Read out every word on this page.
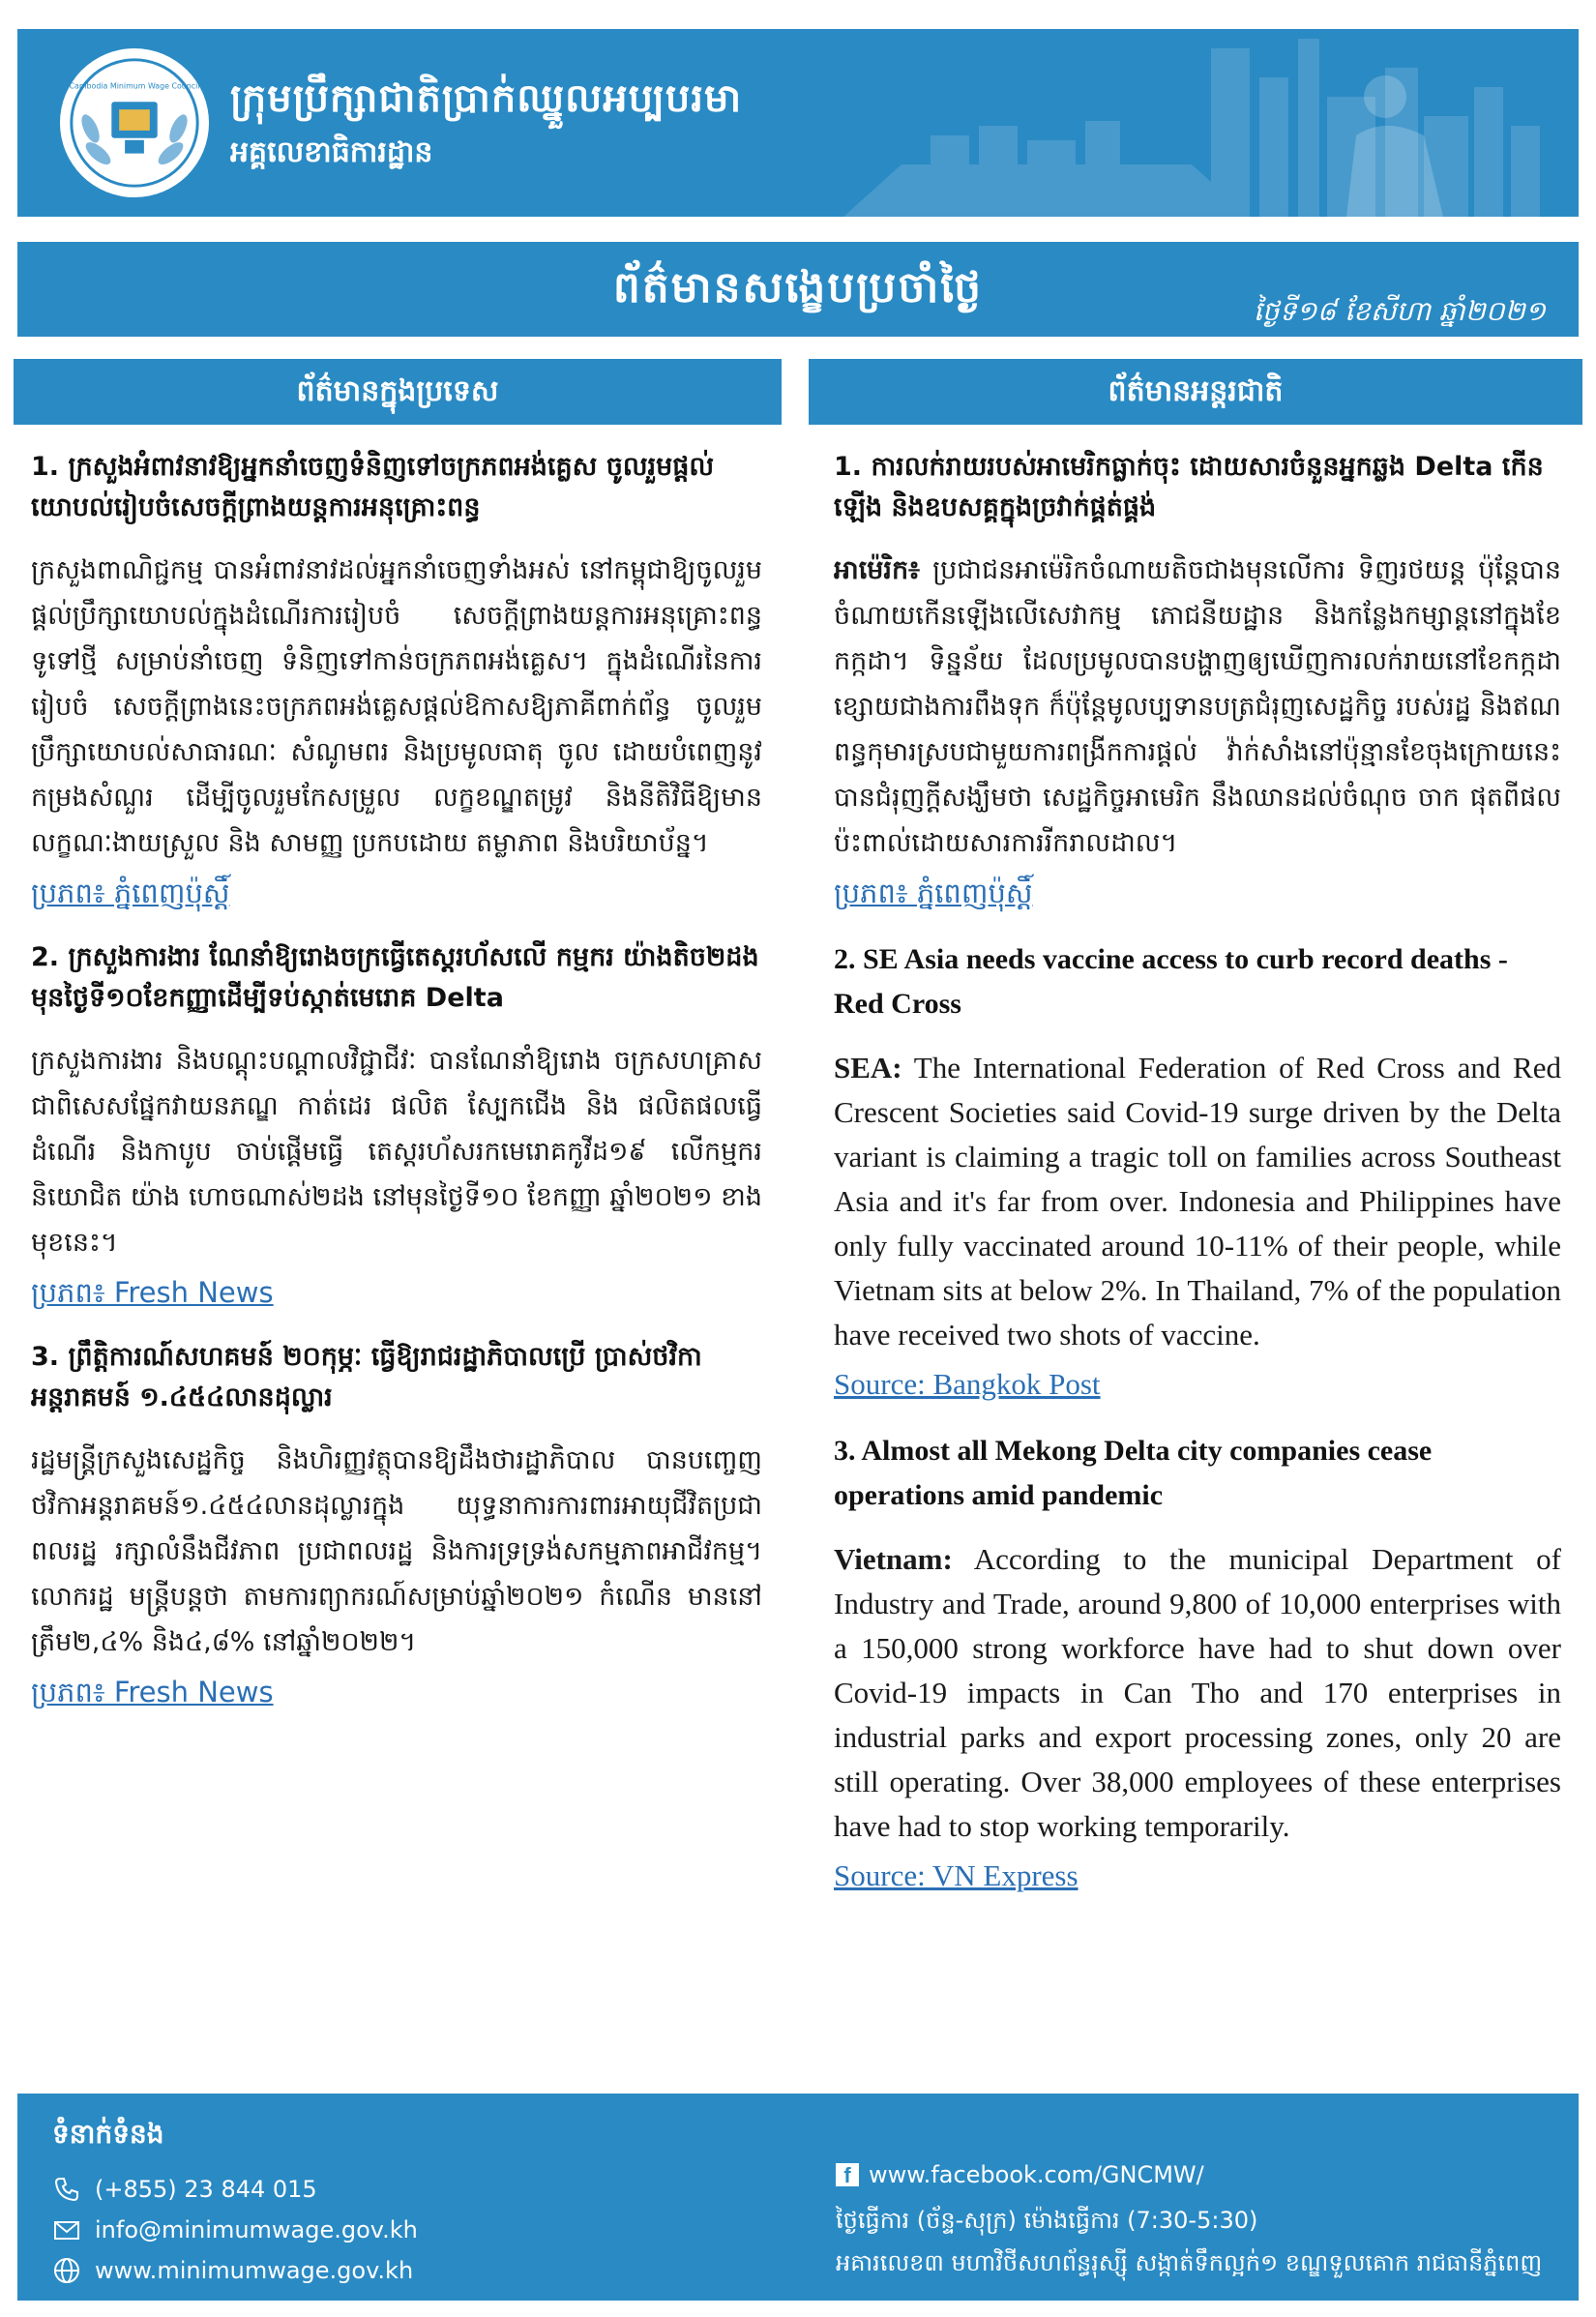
Cambodia Minimum Wage Council ក្រុមប្រឹក្សាជាតិប្រាក់ឈ្នួលអប្បបរមា
អគ្គលេខាធិការដ្ឋាន
ព័ត៌មានសង្ខេបប្រចាំថ្ងៃ	ថ្ងៃទី១៨ ខែសីហា ឆ្នាំ២០២១
ព័ត៌មានក្នុងប្រទេស	ព័ត៌មានអន្តរជាតិ

1. ក្រសួងអំពាវនាវឱ្យអ្នកនាំចេញទំនិញទៅចក្រភពអង់គ្លេស ចូលរួមផ្តល់យោបល់រៀបចំសេចក្តីព្រាងយន្តការអនុគ្រោះពន្ធ

ក្រសួងពាណិជ្ជកម្ម បានអំពាវនាវដល់អ្នកនាំចេញទាំងអស់ នៅកម្ពុជាឱ្យចូលរួមផ្តល់ប្រឹក្សាយោបល់ក្នុងដំណើរការរៀបចំ សេចក្តីព្រាងយន្តការអនុគ្រោះពន្ធទូទៅថ្មី សម្រាប់នាំចេញ ទំនិញទៅកាន់ចក្រភពអង់គ្លេស។ ក្នុងដំណើរនៃការរៀបចំ សេចក្តីព្រាងនេះចក្រភពអង់គ្លេសផ្តល់ឱកាសឱ្យភាគីពាក់ព័ន្ធ ចូលរួមប្រឹក្សាយោបល់សាធារណៈ សំណូមពរ និងប្រមូលធាតុ ចូល ដោយបំពេញនូវកម្រងសំណួរ ដើម្បីចូលរួមកែសម្រួល លក្ខខណ្ឌតម្រូវ និងនីតិវិធីឱ្យមានលក្ខណៈងាយស្រួល និង សាមញ្ញ ប្រកបដោយ តម្លាភាព និងបរិយាប័ន្ន។

ប្រភព៖ ភ្នំពេញប៉ុស្តិ៍

2. ក្រសួងការងារ ណែនាំឱ្យរោងចក្រធ្វើតេស្តរហ័សលើ កម្មករ យ៉ាងតិច២ដងមុនថ្ងៃទី១០ខែកញ្ញាដើម្បីទប់ស្កាត់មេរោគ Delta

ក្រសួងការងារ និងបណ្តុះបណ្តាលវិជ្ជាជីវៈ បានណែនាំឱ្យរោង ចក្រសហគ្រាស ជាពិសេសផ្នែកវាយនភណ្ឌ កាត់ដេរ ផលិត ស្បែកជើង និង ផលិតផលធ្វើដំណើរ និងកាបូប ចាប់ផ្តើមធ្វើ តេស្តរហ័សរកមេរោគកូវីដ១៩ លើកម្មករ និយោជិត យ៉ាង ហោចណាស់២ដង នៅមុនថ្ងៃទី១០ ខែកញ្ញា ឆ្នាំ២០២១ ខាងមុខនេះ។

ប្រភព៖ Fresh News

3. ព្រឹត្តិការណ៍សហគមន៍ ២០កុម្ភៈ ធ្វើឱ្យរាជរដ្ឋាភិបាលប្រើ ប្រាស់ថវិកាអន្តរាគមន៍ ១.៤៥៤លានដុល្លារ

រដ្ឋមន្ត្រីក្រសួងសេដ្ឋកិច្ច និងហិរញ្ញវត្ថុបានឱ្យដឹងថារដ្ឋាភិបាល បានបញ្ចេញថវិកាអន្តរាគមន៍១.៤៥៤លានដុល្លារក្នុង យុទ្ធនាការការពារអាយុជីវិតប្រជាពលរដ្ឋ រក្សាលំនឹងជីវភាព ប្រជាពលរដ្ឋ និងការទ្រទ្រង់សកម្មភាពអាជីវកម្ម។ លោករដ្ឋ មន្ត្រីបន្តថា តាមការព្យាករណ៍សម្រាប់ឆ្នាំ២០២១ កំណើន មាននៅត្រឹម២,៤% និង៤,៨% នៅឆ្នាំ២០២២។

ប្រភព៖ Fresh News

1. ការលក់រាយរបស់អាមេរិកធ្លាក់ចុះ ដោយសារចំនួនអ្នកឆ្លង Delta កើនឡើង និងឧបសគ្គក្នុងច្រវាក់ផ្គត់ផ្គង់

អាម៉េរិក៖ ប្រជាជនអាម៉េរិកចំណាយតិចជាងមុនលើការ ទិញរថយន្ត ប៉ុន្តែបានចំណាយកើនឡើងលើសេវាកម្ម ភោជនីយដ្ឋាន និងកន្លែងកម្សាន្តនៅក្នុងខែកក្កដា។ ទិន្នន័យ ដែលប្រមូលបានបង្ហាញឲ្យឃើញការលក់រាយនៅខែកក្កដា ខ្សោយជាងការពឹងទុក ក៏ប៉ុន្តែមូលប្បទានបត្រជំរុញសេដ្ឋកិច្ច របស់រដ្ឋ និងឥណពន្ធកុមារស្របជាមួយការពង្រីកការផ្តល់ វ៉ាក់សាំងនៅប៉ុន្មានខែចុងក្រោយនេះបានជំរុញក្តីសង្ឃឹមថា សេដ្ឋកិច្ចអាមេរិក នឹងឈានដល់ចំណុច ចាក ផុតពីផល ប៉ះពាល់ដោយសារការរីករាលដាល។

ប្រភព៖ ភ្នំពេញប៉ុស្តិ៍

2. SE Asia needs vaccine access to curb record deaths - Red Cross

SEA: The International Federation of Red Cross and Red Crescent Societies said Covid-19 surge driven by the Delta variant is claiming a tragic toll on families across Southeast Asia and it's far from over. Indonesia and Philippines have only fully vaccinated around 10-11% of their people, while Vietnam sits at below 2%. In Thailand, 7% of the population have received two shots of vaccine.

Source: Bangkok Post

3. Almost all Mekong Delta city companies cease operations amid pandemic

Vietnam: According to the municipal Department of Industry and Trade, around 9,800 of 10,000 enterprises with a 150,000 strong workforce have had to shut down over Covid-19 impacts in Can Tho and 170 enterprises in industrial parks and export processing zones, only 20 are still operating. Over 38,000 employees of these enterprises have had to stop working temporarily.

Source: VN Express

ទំនាក់ទំនង
(+855) 23 844 015
info@minimumwage.gov.kh
www.minimumwage.gov.kh
f www.facebook.com/GNCMW/
ថ្ងៃធ្វើការ (ច័ន្ទ-សុក្រ) ម៉ោងធ្វើការ (7:30-5:30)
អគារលេខ៣ មហាវិថីសហព័ន្ធរុស្ស៊ី សង្កាត់ទឹកល្អក់១ ខណ្ឌទួលគោក រាជធានីភ្នំពេញ
